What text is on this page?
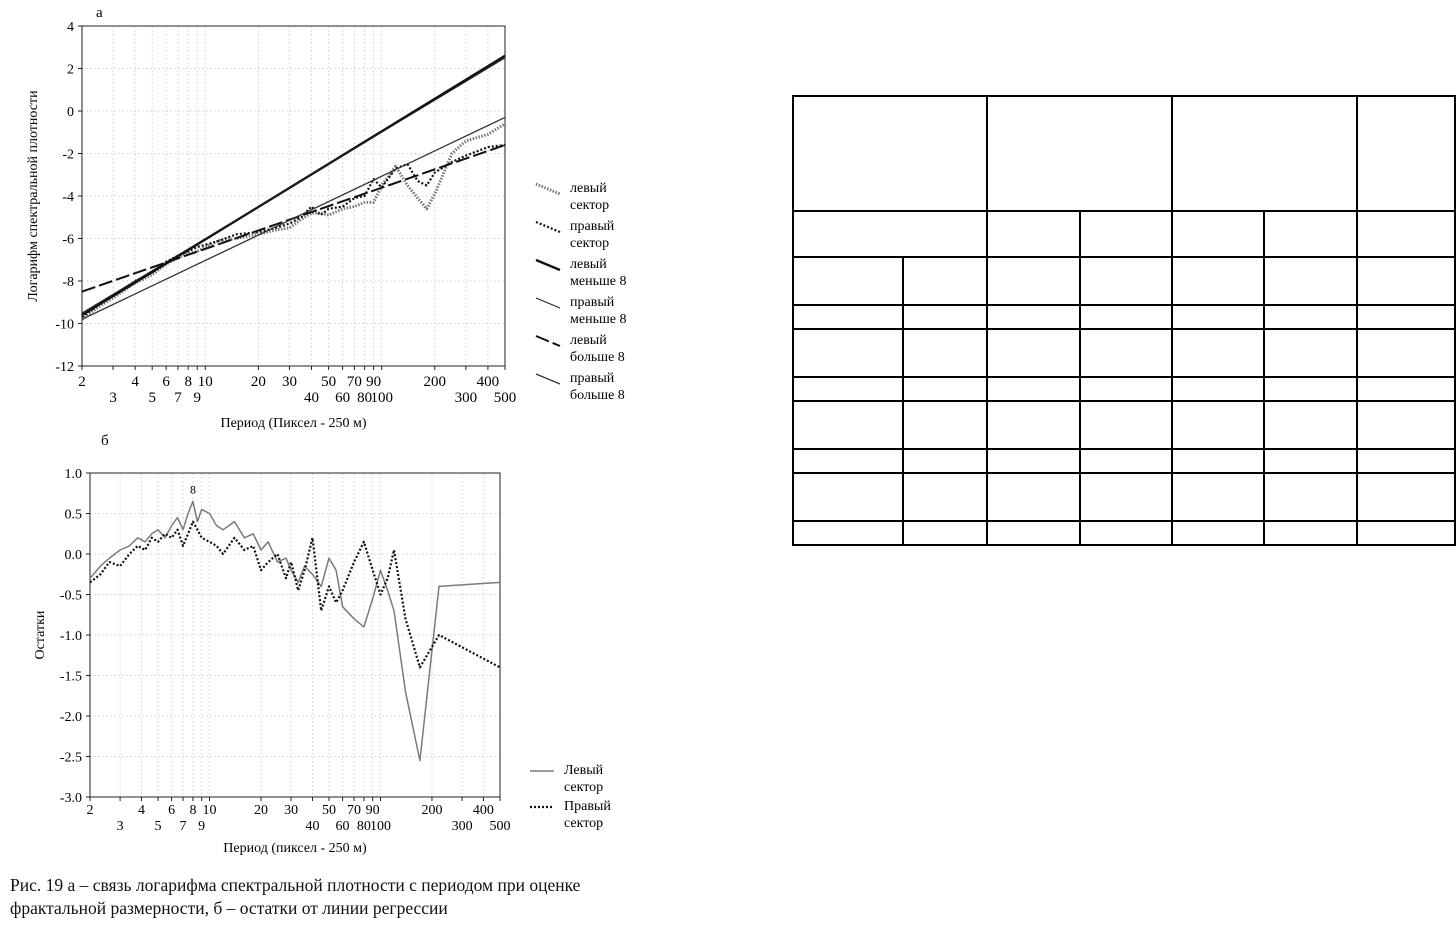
4
2
0
-2
-4
-6
-8
-10
-12
2	4 6 8 10	20 30 50 70 90	200 400
3 5 7 9	40 60 80
100	300 500
Период (Пиксел - 250 м)
Логарифм спектральной плотности
а
левый
сектор
правый
сектор
левый
меньше 8
правый
меньше 8
левый
больше 8
правый
больше 8
1.0
0.5
0.0
-0.5
-1.0
-1.5
-2.0
-2.5
-3.0
2	4 6 8 10	20 30 50 70 90	200 400
3 5 7 9	40 60 80 100	300 500
Период (пиксел - 250 м)
Остатки
б
8
Левый
сектор
Правый
сектор
Рис. 19 а – связь логарифма спектральной плотности с периодом при оценке
фрактальной размерности, б – остатки от линии регрессии
